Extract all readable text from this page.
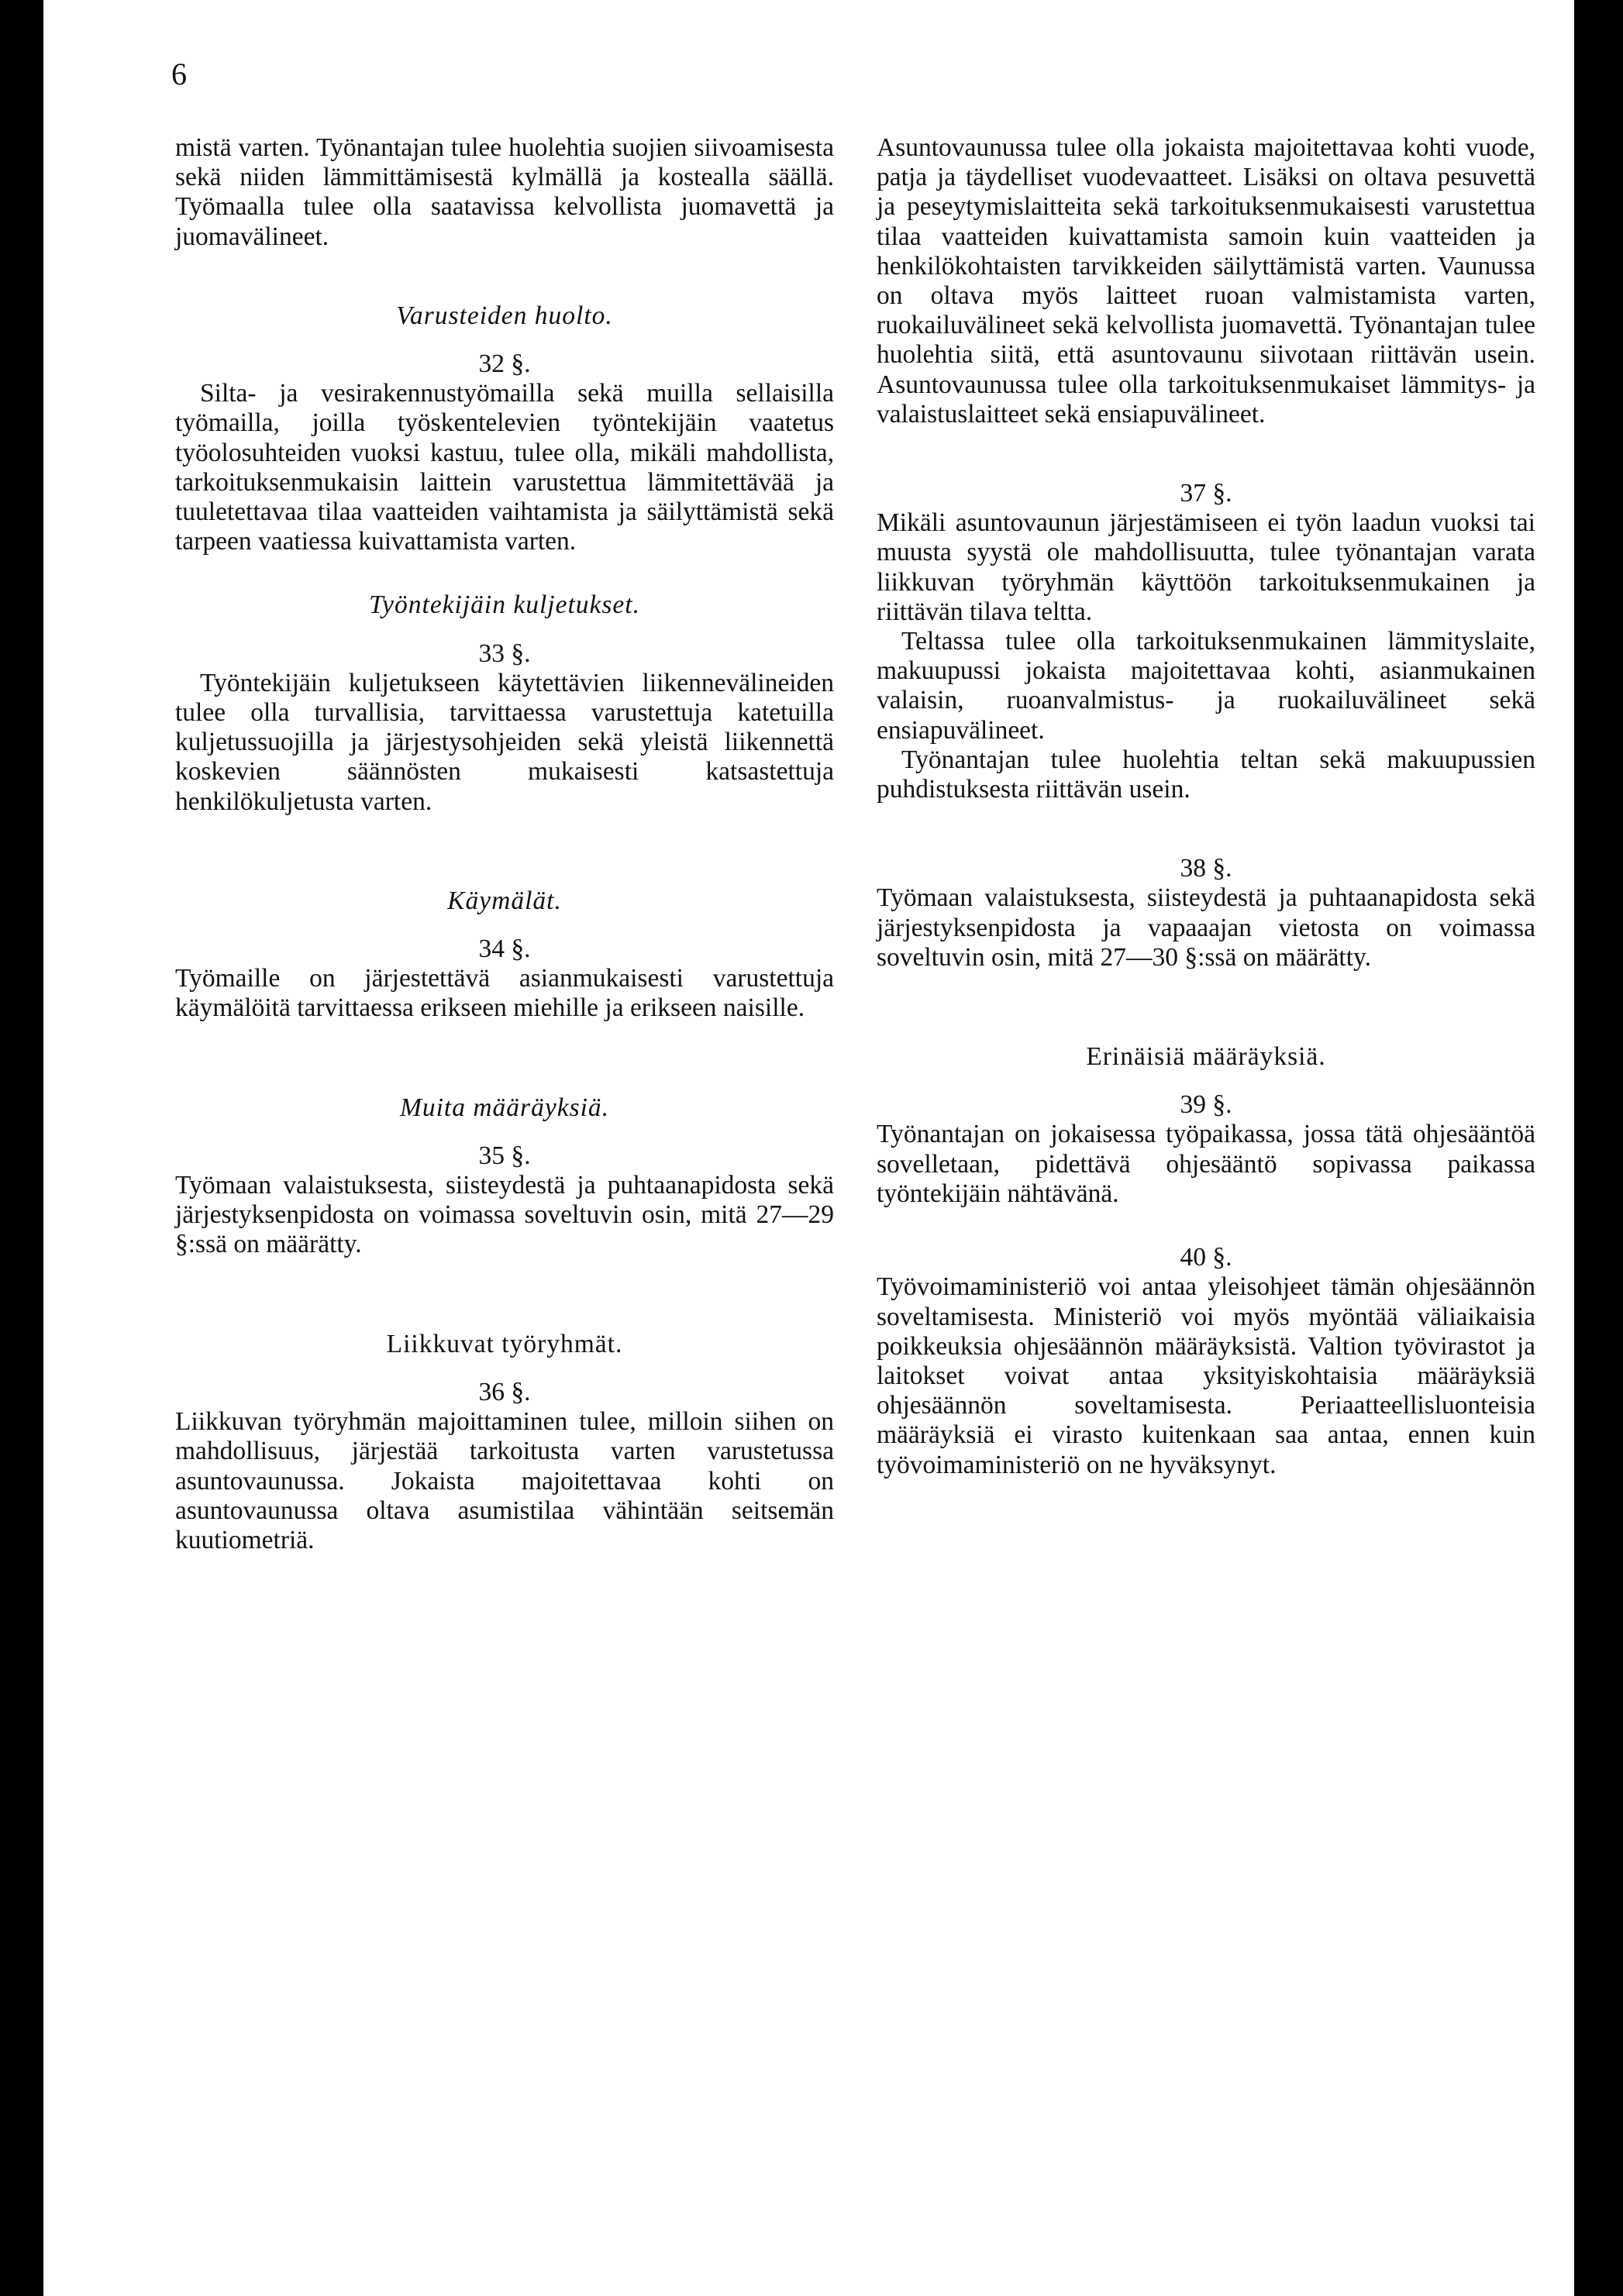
6

mistä varten. Työnantajan tulee huolehtia suojien siivoamisesta sekä niiden lämmittämisestä kylmällä ja kostealla säällä. Työmaalla tulee olla saatavissa kelvollista juomavettä ja juomavälineet.

Varusteiden huolto.

32 §.

Silta- ja vesirakennustyömailla sekä muilla sellaisilla työmailla, joilla työskentelevien työntekijäin vaatetus työolosuhteiden vuoksi kastuu, tulee olla, mikäli mahdollista, tarkoituksenmukaisin laittein varustettua lämmitettävää ja tuuletettavaa tilaa vaatteiden vaihtamista ja säilyttämistä sekä tarpeen vaatiessa kuivattamista varten.

Työntekijäin kuljetukset.

33 §.

Työntekijäin kuljetukseen käytettävien liikennevälineiden tulee olla turvallisia, tarvittaessa varustettuja katetuilla kuljetussuojilla ja järjestysohjeiden sekä yleistä liikennettä koskevien säännösten mukaisesti katsastettuja henkilökuljetusta varten.

Käymälät.

34 §.

Työmaille on järjestettävä asianmukaisesti varustettuja käymälöitä tarvittaessa erikseen miehille ja erikseen naisille.

Muita määräyksiä.

35 §.

Työmaan valaistuksesta, siisteydestä ja puhtaanapidosta sekä järjestyksenpidosta on voimassa soveltuvin osin, mitä 27—29 §:ssä on määrätty.

Liikkuvat työryhmät.

36 §.

Liikkuvan työryhmän majoittaminen tulee, milloin siihen on mahdollisuus, järjestää tarkoitusta varten varustetussa asuntovaunussa. Jokaista majoitettavaa kohti on asuntovaunussa oltava asumistilaa vähintään seitsemän kuutiometriä.

Asuntovaunussa tulee olla jokaista majoitettavaa kohti vuode, patja ja täydelliset vuodevaatteet. Lisäksi on oltava pesuvettä ja peseytymislaitteita sekä tarkoituksenmukaisesti varustettua tilaa vaatteiden kuivattamista samoin kuin vaatteiden ja henkilökohtaisten tarvikkeiden säilyttämistä varten. Vaunussa on oltava myös laitteet ruoan valmistamista varten, ruokailuvälineet sekä kelvollista juomavettä. Työnantajan tulee huolehtia siitä, että asuntovaunu siivotaan riittävän usein. Asuntovaunussa tulee olla tarkoituksenmukaiset lämmitys- ja valaistuslaitteet sekä ensiapuvälineet.

37 §.

Mikäli asuntovaunun järjestämiseen ei työn laadun vuoksi tai muusta syystä ole mahdollisuutta, tulee työnantajan varata liikkuvan työryhmän käyttöön tarkoituksenmukainen ja riittävän tilava teltta.

Teltassa tulee olla tarkoituksenmukainen lämmityslaite, makuupussi jokaista majoitettavaa kohti, asianmukainen valaisin, ruoanvalmistus- ja ruokailuvälineet sekä ensiapuvälineet.

Työnantajan tulee huolehtia teltan sekä makuupussien puhdistuksesta riittävän usein.

38 §.

Työmaan valaistuksesta, siisteydestä ja puhtaanapidosta sekä järjestyksenpidosta ja vapaaajan vietosta on voimassa soveltuvin osin, mitä 27—30 §:ssä on määrätty.

Erinäisiä määräyksiä.

39 §.

Työnantajan on jokaisessa työpaikassa, jossa tätä ohjesääntöä sovelletaan, pidettävä ohjesääntö sopivassa paikassa työntekijäin nähtävänä.

40 §.

Työvoimaministeriö voi antaa yleisohjeet tämän ohjesäännön soveltamisesta. Ministeriö voi myös myöntää väliaikaisia poikkeuksia ohjesäännön määräyksistä. Valtion työvirastot ja laitokset voivat antaa yksityiskohtaisia määräyksiä ohjesäännön soveltamisesta. Periaatteellisluonteisia määräyksiä ei virasto kuitenkaan saa antaa, ennen kuin työvoimaministeriö on ne hyväksynyt.
